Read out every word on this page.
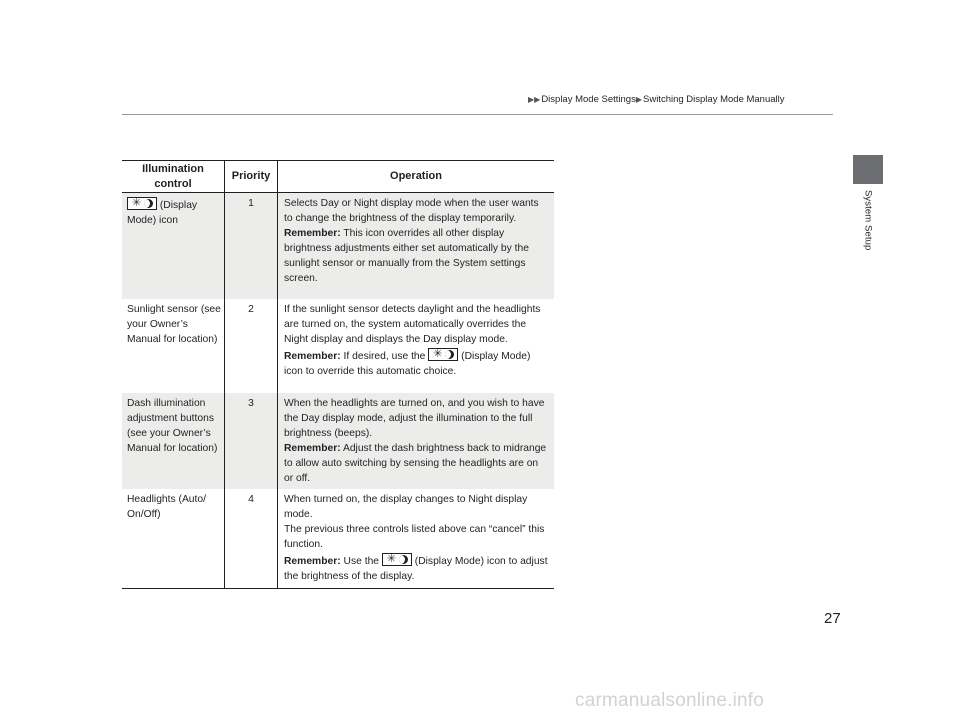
▶▶Display Mode Settings▶Switching Display Mode Manually
System Setup
Illumination control	Priority	Operation

✳ (Display Mode) icon	1	Selects Day or Night display mode when the user wants to change the brightness of the display temporarily.
Remember: This icon overrides all other display brightness adjustments either set automatically by the sunlight sensor or manually from the System settings screen.
Sunlight sensor (see your Owner’s Manual for location)	2	If the sunlight sensor detects daylight and the headlights are turned on, the system automatically overrides the Night display and displays the Day display mode.
Remember: If desired, use the ✳ (Display Mode) icon to override this automatic choice.
Dash illumination adjustment buttons (see your Owner’s Manual for location)	3	When the headlights are turned on, and you wish to have the Day display mode, adjust the illumination to the full brightness (beeps).
Remember: Adjust the dash brightness back to midrange to allow auto switching by sensing the headlights are on or off.
Headlights (Auto/ On/Off)	4	When turned on, the display changes to Night display mode.
The previous three controls listed above can “cancel” this function.
Remember: Use the ✳ (Display Mode) icon to adjust the brightness of the display.
27
carmanualsonline.info
